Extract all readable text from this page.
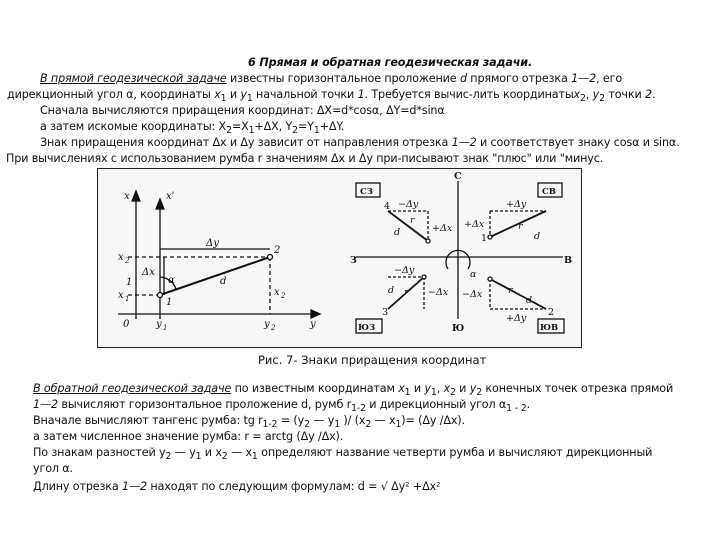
6 Прямая и обратная геодезическая задачи.
В прямой геодезической задаче известны горизонтальное проложение d прямого отрезка 1—2, его
дирекционный угол α, координаты $x_1$ и $y_1$ начальной точки 1. Требуется вычис-лить координатыx$_2$, $y_2$ точки 2.
Сначала вычисляются приращения координат: ΔX=d*cosα, ΔY=d*sinα
а затем искомые координаты: $X_2=X_1+\Delta X$, $Y_2=Y_1+\Delta Y$.
Знак приращения координат Δx и Δy зависит от направления отрезка 1—2 и соответствует знаку cosα и sinα.
При вычислениях с использованием румба r значениям Δx и Δy при-писывают знак "плюс" или "минус.
x	x'
y
0
x 2
x 1
y 1	y 2
Δx
Δy
d
α
1
2
x 2
1
С
Ю
З	В
СЗ	СВ
ЮЗ	ЮВ
+Δy
−Δy
−Δy
+Δy
+Δx
+Δx
−Δx −Δx
r
r
r	r
1
4
3	2
d
d
d
d
α
Рис. 7- Знаки приращения координат
В обратной геодезической задаче по известным координатам $x_1$ и $y_1$, $x_2$ и $y_2$ конечных точек отрезка прямой
1—2 вычисляют горизонтальное проложение d, румб $r_{1-2}$ и дирекционный угол $\alpha_{1 - 2}$.
Вначале вычисляют тангенс румба: tg $r_{1-2} = (y_2$ — $y_1$ )/ ($x_2$ — $x_1)= (\Delta y$ /Δx).
а затем численное значение румба: r = arctg (Δy /Δx).
По знакам разностей $y_2$ — $y_1$ и $x_2$ — $x_1$ определяют название четверти румба и вычисляют дирекционный
угол α.
Длину отрезка 1—2 находят по следующим формулам: d = √ Δy² +Δx²
